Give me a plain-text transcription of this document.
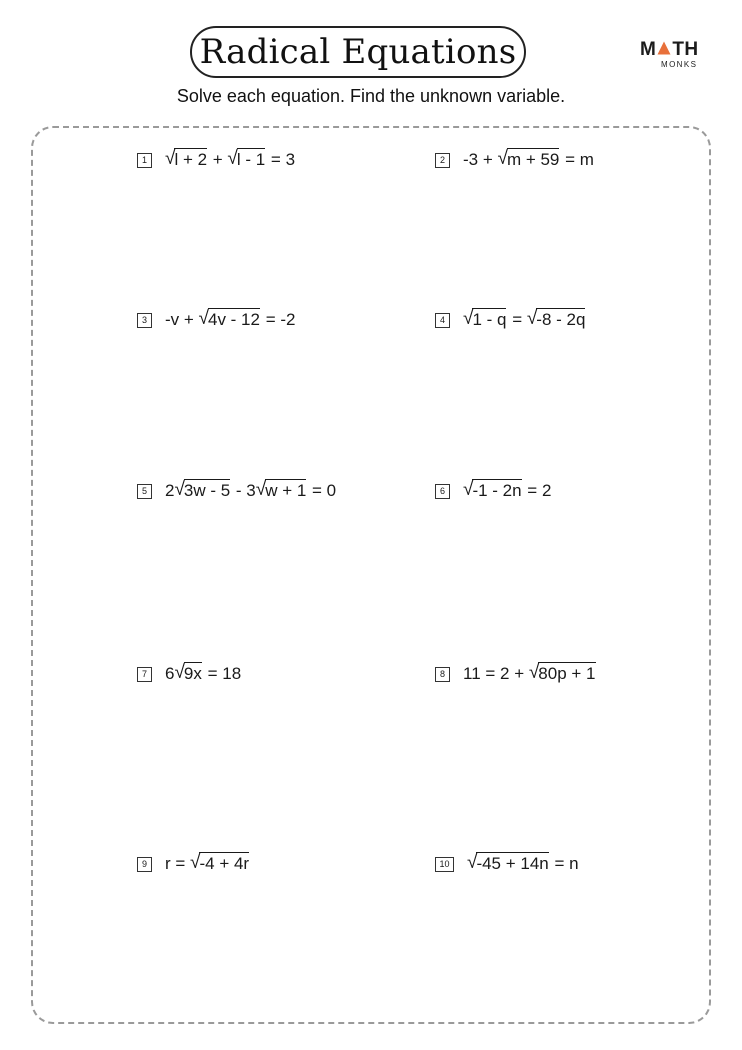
Radical Equations	M TH
MONKS
Solve each equation. Find the unknown variable.
1 √l + 2 + √l - 1 = 3	2 -3 + √m + 59 = m
3 -v + √4v - 12 = -2	4 √1 - q = √-8 - 2q
5 2√3w - 5 - 3√w + 1 = 0	6 √-1 - 2n = 2
7 6√9x = 18	8 11 = 2 + √80p + 1
9 r = √-4 + 4r	10 √-45 + 14n = n
